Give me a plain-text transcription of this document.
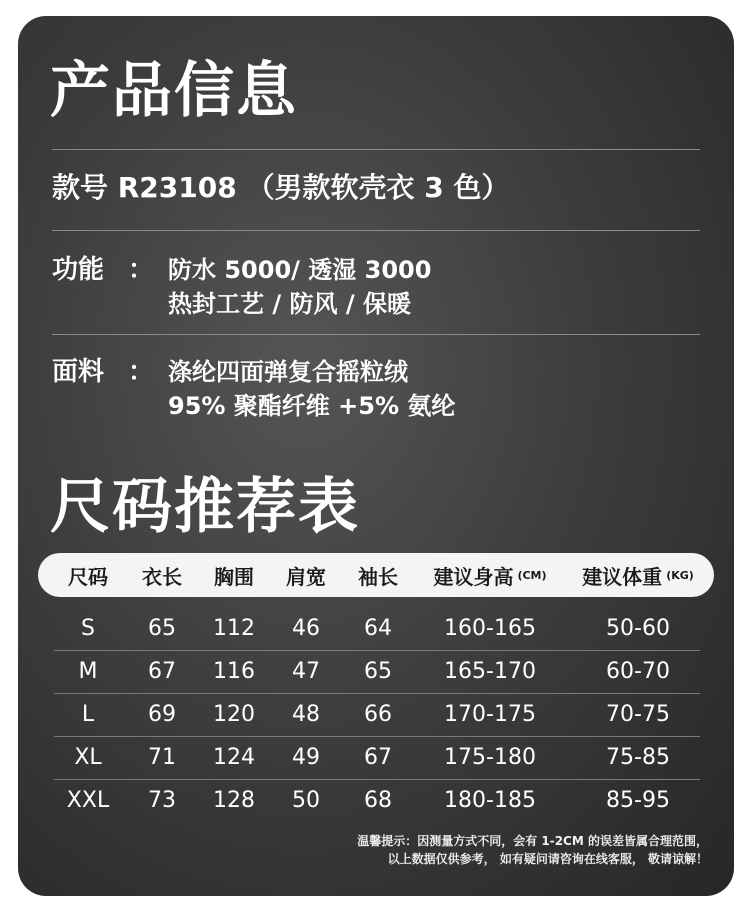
产品信息
款号 R23108 （男款软壳衣 3 色）
功能 ： 防水 5000/ 透湿 3000
热封工艺 / 防风 / 保暖
面料 ： 涤纶四面弹复合摇粒绒
95% 聚酯纤维 +5% 氨纶
尺码推荐表
尺码 衣长 胸围 肩宽 袖长 建议身高 (CM) 建议体重 (KG)
S	65	112	46	64	160-165	50-60
M	67	116	47	65	165-170	60-70
L	69	120	48	66	170-175	70-75
XL	71	124	49	67	175-180	75-85
XXL	73	128	50	68	180-185	85-95
温馨提示：因测量方式不同，会有 1-2CM 的误差皆属合理范围，
以上数据仅供参考， 如有疑问请咨询在线客服， 敬请谅解！
